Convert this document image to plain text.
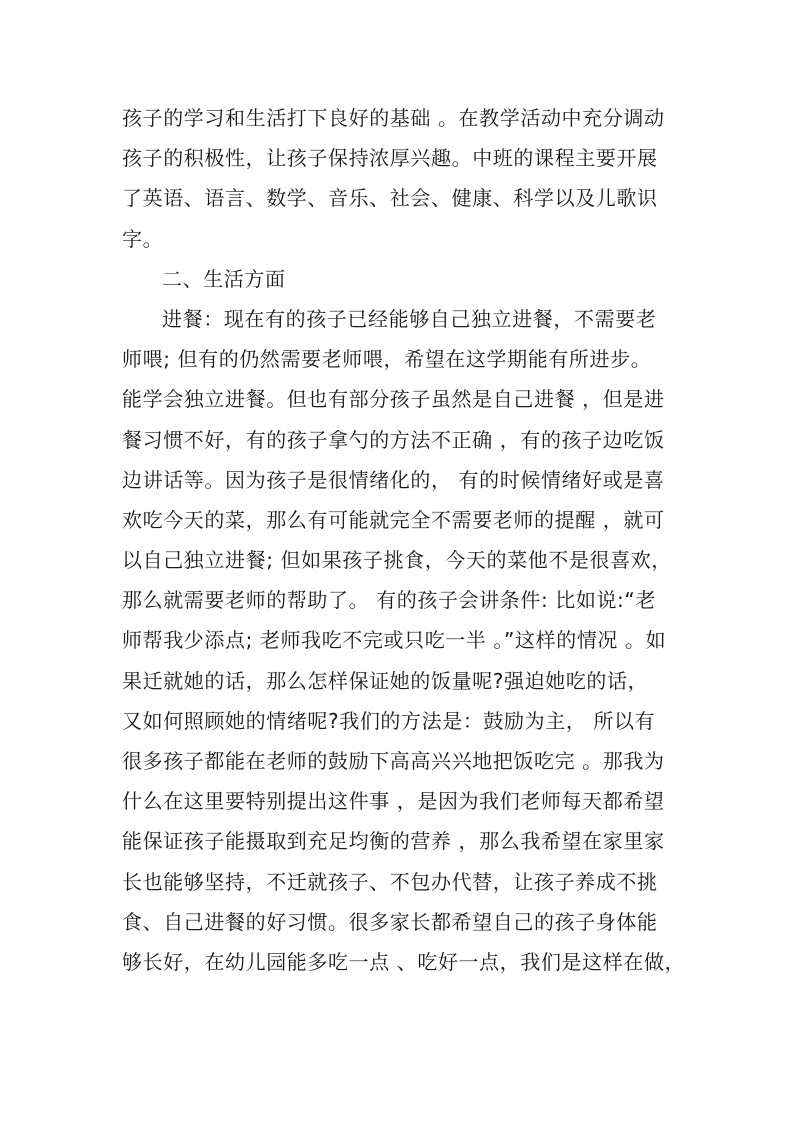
孩子的学习和生活打下良好的基础 。在教学活动中充分调动
孩子的积极性，让孩子保持浓厚兴趣。中班的课程主要开展
了英语、语言、数学、音乐、社会、健康、科学以及儿歌识
字。
二、生活方面
进餐：现在有的孩子已经能够自己独立进餐，不需要老
师喂; 但有的仍然需要老师喂，希望在这学期能有所进步。
能学会独立进餐。但也有部分孩子虽然是自己进餐 ，但是进
餐习惯不好，有的孩子拿勺的方法不正确 ，有的孩子边吃饭
边讲话等。因为孩子是很情绪化的， 有的时候情绪好或是喜
欢吃今天的菜，那么有可能就完全不需要老师的提醒 ，就可
以自己独立进餐; 但如果孩子挑食，今天的菜他不是很喜欢，
那么就需要老师的帮助了。 有的孩子会讲条件: 比如说:“老
师帮我少添点; 老师我吃不完或只吃一半 。”这样的情况 。如
果迁就她的话，那么怎样保证她的饭量呢?强迫她吃的话，
又如何照顾她的情绪呢?我们的方法是：鼓励为主， 所以有
很多孩子都能在老师的鼓励下高高兴兴地把饭吃完 。那我为
什么在这里要特别提出这件事 ，是因为我们老师每天都希望
能保证孩子能摄取到充足均衡的营养 ，那么我希望在家里家
长也能够坚持，不迁就孩子、不包办代替，让孩子养成不挑
食、自己进餐的好习惯。很多家长都希望自己的孩子身体能
够长好，在幼儿园能多吃一点 、吃好一点，我们是这样在做，
